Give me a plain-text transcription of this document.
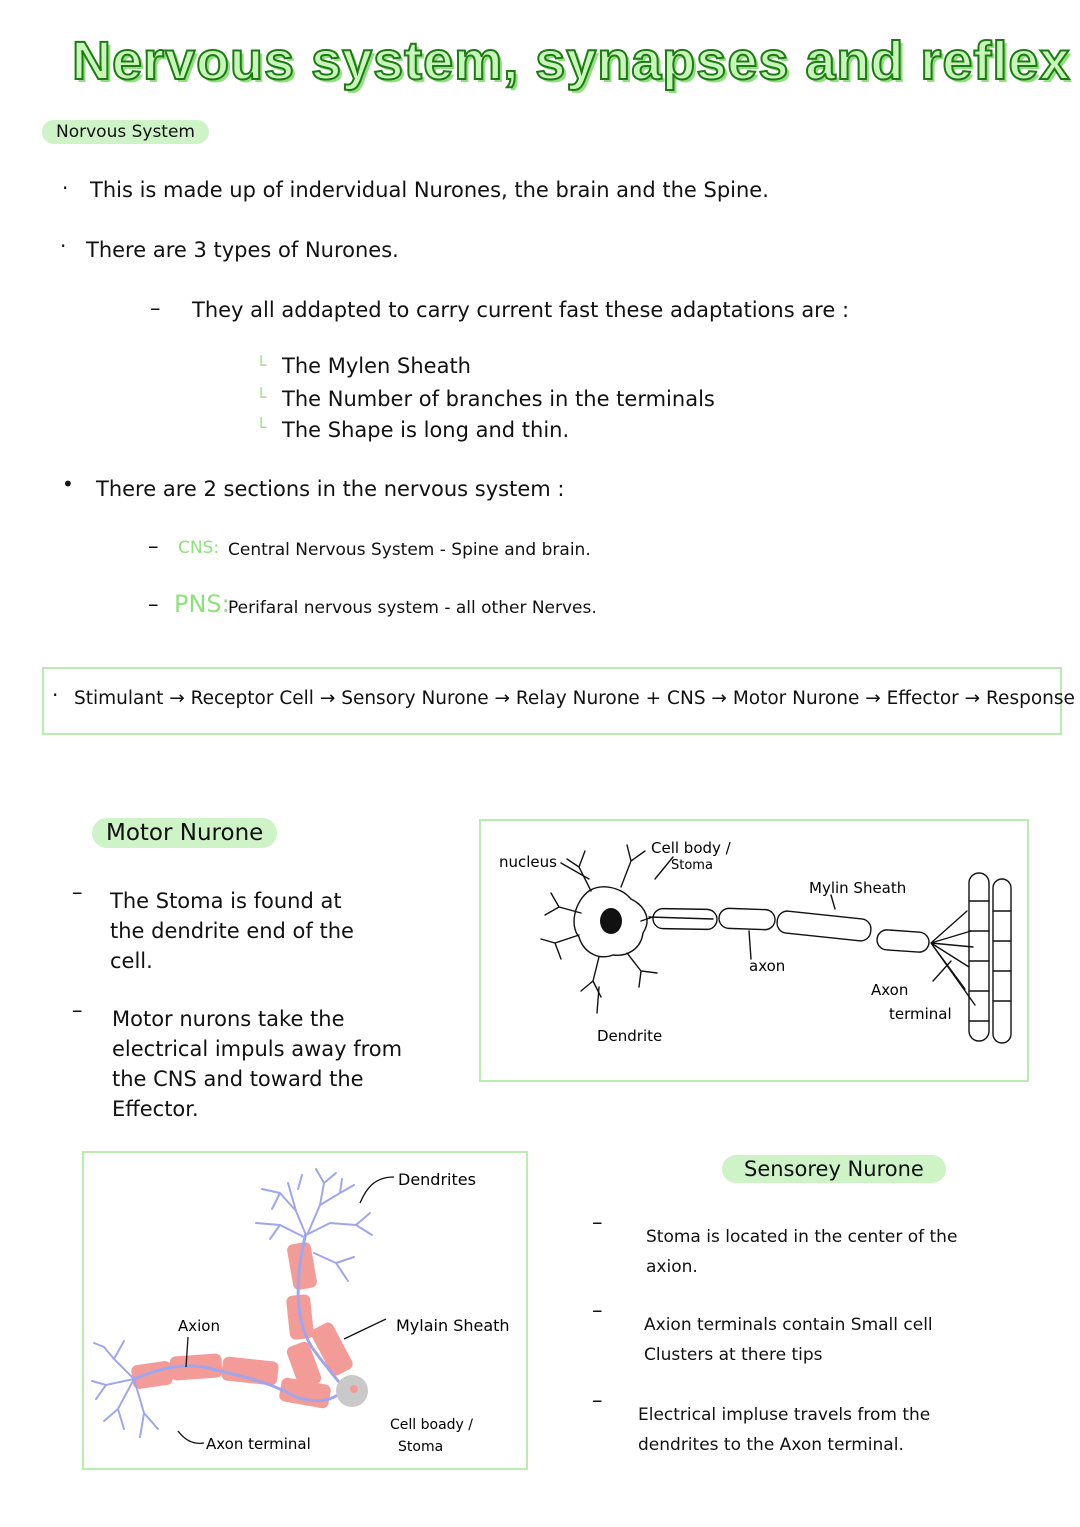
Nervous system, synapses and reflex
Norvous System
· This is made up of indervidual Nurones, the brain and the Spine.
· There are 3 types of Nurones.
– They all addapted to carry current fast these adaptations are :
└ The Mylen Sheath
└ The Number of branches in the terminals
└ The Shape is long and thin.
• There are 2 sections in the nervous system :
– CNS: Central Nervous System - Spine and brain.
– PNS:
Perifaral nervous system - all other Nerves.
· Stimulant → Receptor Cell → Sensory Nurone → Relay Nurone + CNS → Motor Nurone → Effector → Response
Motor Nurone
– The Stoma is found at
the dendrite end of the
cell.
– Motor nurons take the
electrical impuls away from
the CNS and toward the
Effector.
nucleus
Cell body /
Stoma
Mylin Sheath
axon
Axon
terminal
Dendrite
Dendrites
Axion	Mylain Sheath
Cell boady /
Stoma
Axon terminal
Sensorey Nurone
–
Stoma is located in the center of the
axion.
–
Axion terminals contain Small cell
Clusters at there tips
–
Electrical impluse travels from the
dendrites to the Axon terminal.
